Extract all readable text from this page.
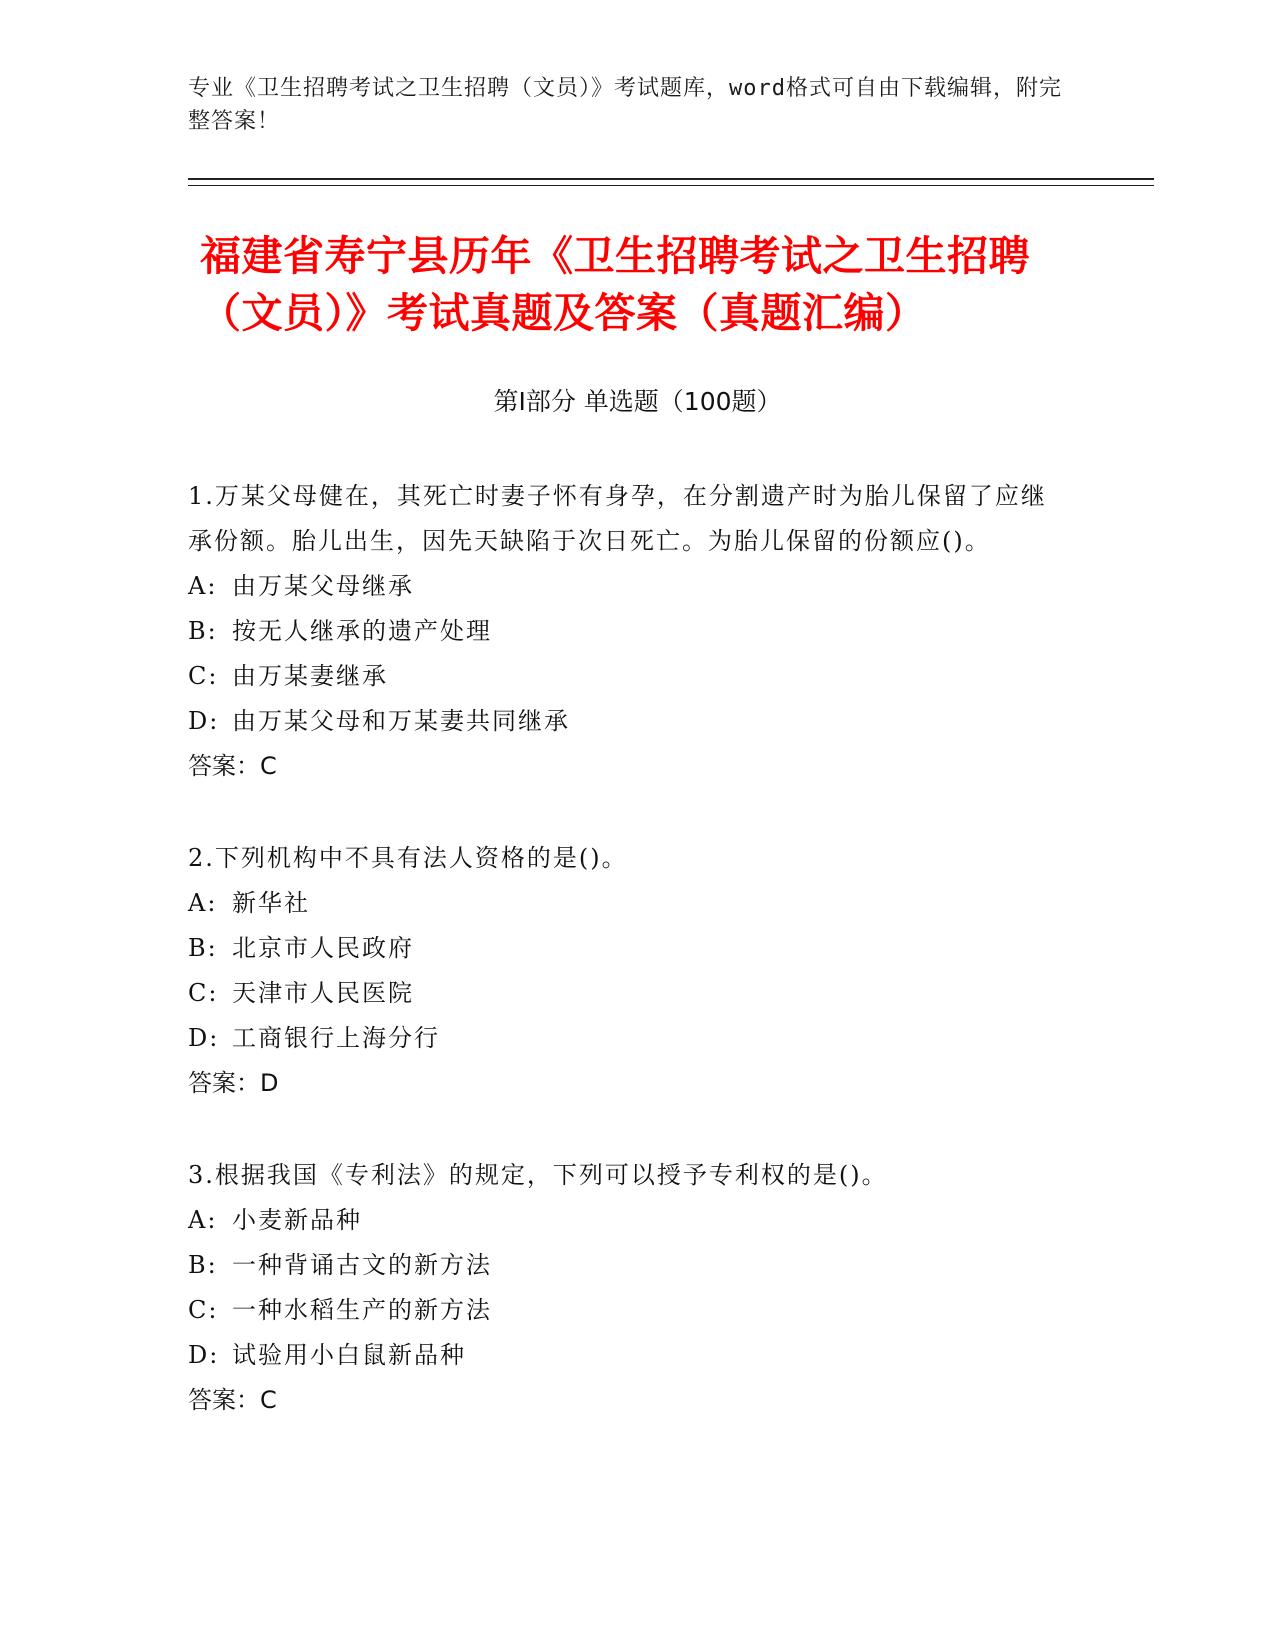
专业《卫生招聘考试之卫生招聘（文员）》考试题库，word格式可自由下载编辑，附完整答案！
福建省寿宁县历年《卫生招聘考试之卫生招聘（文员）》考试真题及答案（真题汇编）
第I部分 单选题（100题）
1.万某父母健在，其死亡时妻子怀有身孕，在分割遗产时为胎儿保留了应继承份额。胎儿出生，因先天缺陷于次日死亡。为胎儿保留的份额应()。
A: 由万某父母继承
B: 按无人继承的遗产处理
C: 由万某妻继承
D: 由万某父母和万某妻共同继承
答案：C
2.下列机构中不具有法人资格的是()。
A: 新华社
B: 北京市人民政府
C: 天津市人民医院
D: 工商银行上海分行
答案：D
3.根据我国《专利法》的规定，下列可以授予专利权的是()。
A: 小麦新品种
B: 一种背诵古文的新方法
C: 一种水稻生产的新方法
D: 试验用小白鼠新品种
答案：C
